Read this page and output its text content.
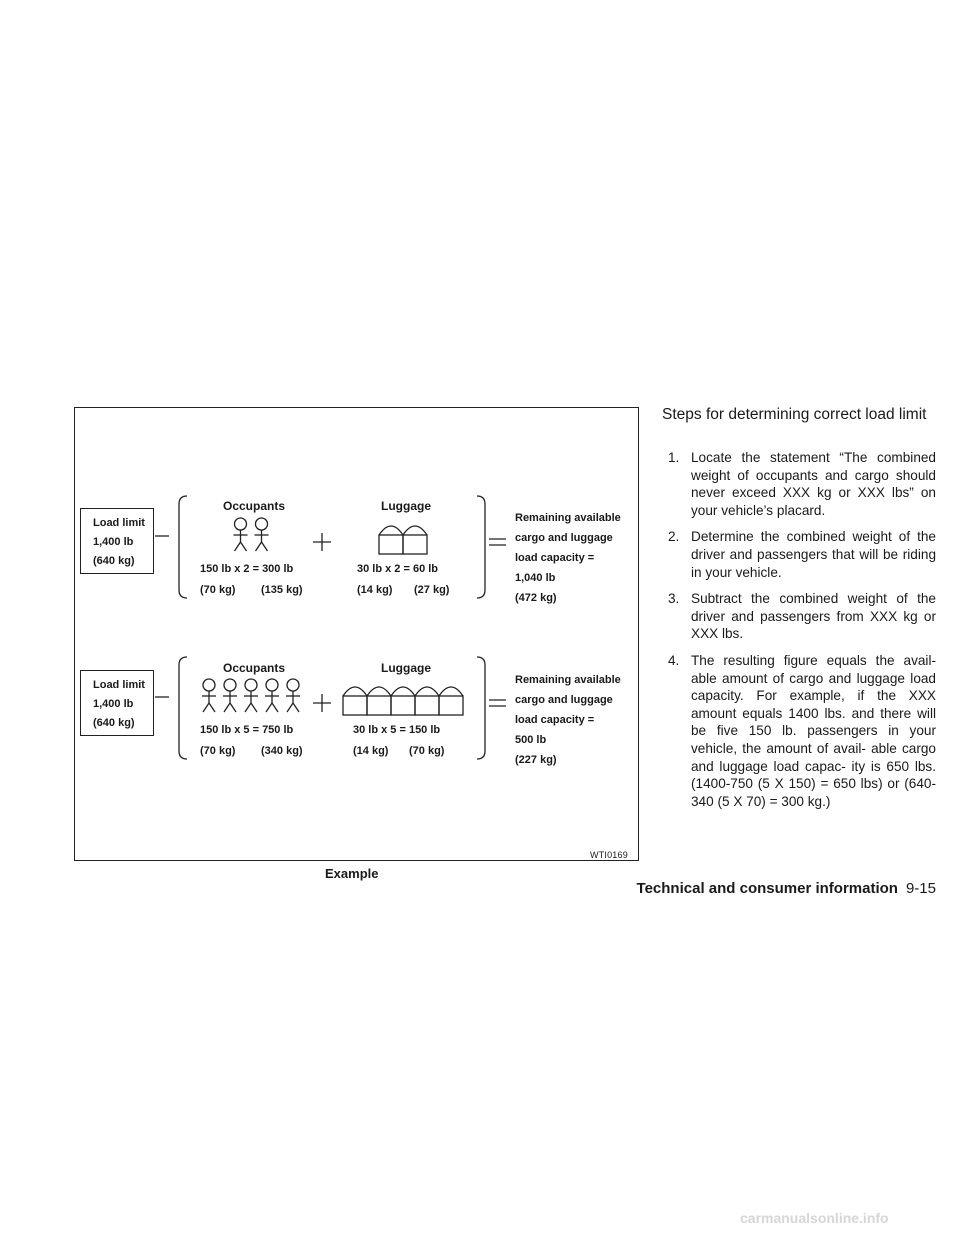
Load limit
1,400 lb
(640 kg)
Occupants
150 lb x 2 = 300 lb
(70 kg) (135 kg)
Luggage
30 lb x 2 = 60 lb
(14 kg) (27 kg)
Remaining available
cargo and luggage
load capacity =
1,040 lb
(472 kg)
Load limit
1,400 lb
(640 kg)
Occupants
150 lb x 5 = 750 lb
(70 kg) (340 kg)
Luggage
30 lb x 5 = 150 lb
(14 kg) (70 kg)
Remaining available
cargo and luggage
load capacity =
500 lb
(227 kg)
WTI0169
Example
Steps for determining correct load limit
1. Locate the statement “The combined weight of occupants and cargo should never exceed XXX kg or XXX lbs” on your vehicle’s placard.
2. Determine the combined weight of the driver and passengers that will be riding in your vehicle.
3. Subtract the combined weight of the driver and passengers from XXX kg or XXX lbs.
4. The resulting figure equals the avail- able amount of cargo and luggage load capacity. For example, if the XXX amount equals 1400 lbs. and there will be five 150 lb. passengers in your vehicle, the amount of avail- able cargo and luggage load capac- ity is 650 lbs. (1400-750 (5 X 150) = 650 lbs) or (640-340 (5 X 70) = 300 kg.)
Technical and consumer information 9-15
carmanualsonline.info
